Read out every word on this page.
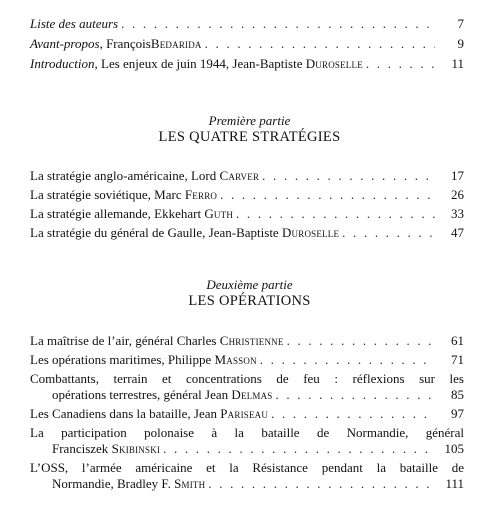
Liste des auteurs . . .	7
Avant-propos, FrançoisBedarida . . .	9
Introduction, Les enjeux de juin 1944, Jean-Baptiste Duroselle . . .	11
Première partie
LES QUATRE STRATÉGIES
La stratégie anglo-américaine, Lord Carver . . .	17
La stratégie soviétique, Marc Ferro . . .	26
La stratégie allemande, Ekkehart Guth . . .	33
La stratégie du général de Gaulle, Jean-Baptiste Duroselle . . .	47
Deuxième partie
LES OPÉRATIONS
La maîtrise de l’air, général Charles Christienne . . .	61
Les opérations maritimes, Philippe Masson . . .	71
Combattants, terrain et concentrations de feu : réflexions sur les
opérations terrestres, général Jean Delmas . . .	85
Les Canadiens dans la bataille, Jean Pariseau . . .	97
La participation polonaise à la bataille de Normandie, général
Franciszek Skibinski . . .	105
L’OSS, l’armée américaine et la Résistance pendant la bataille de
Normandie, Bradley F. Smith . . .	111
